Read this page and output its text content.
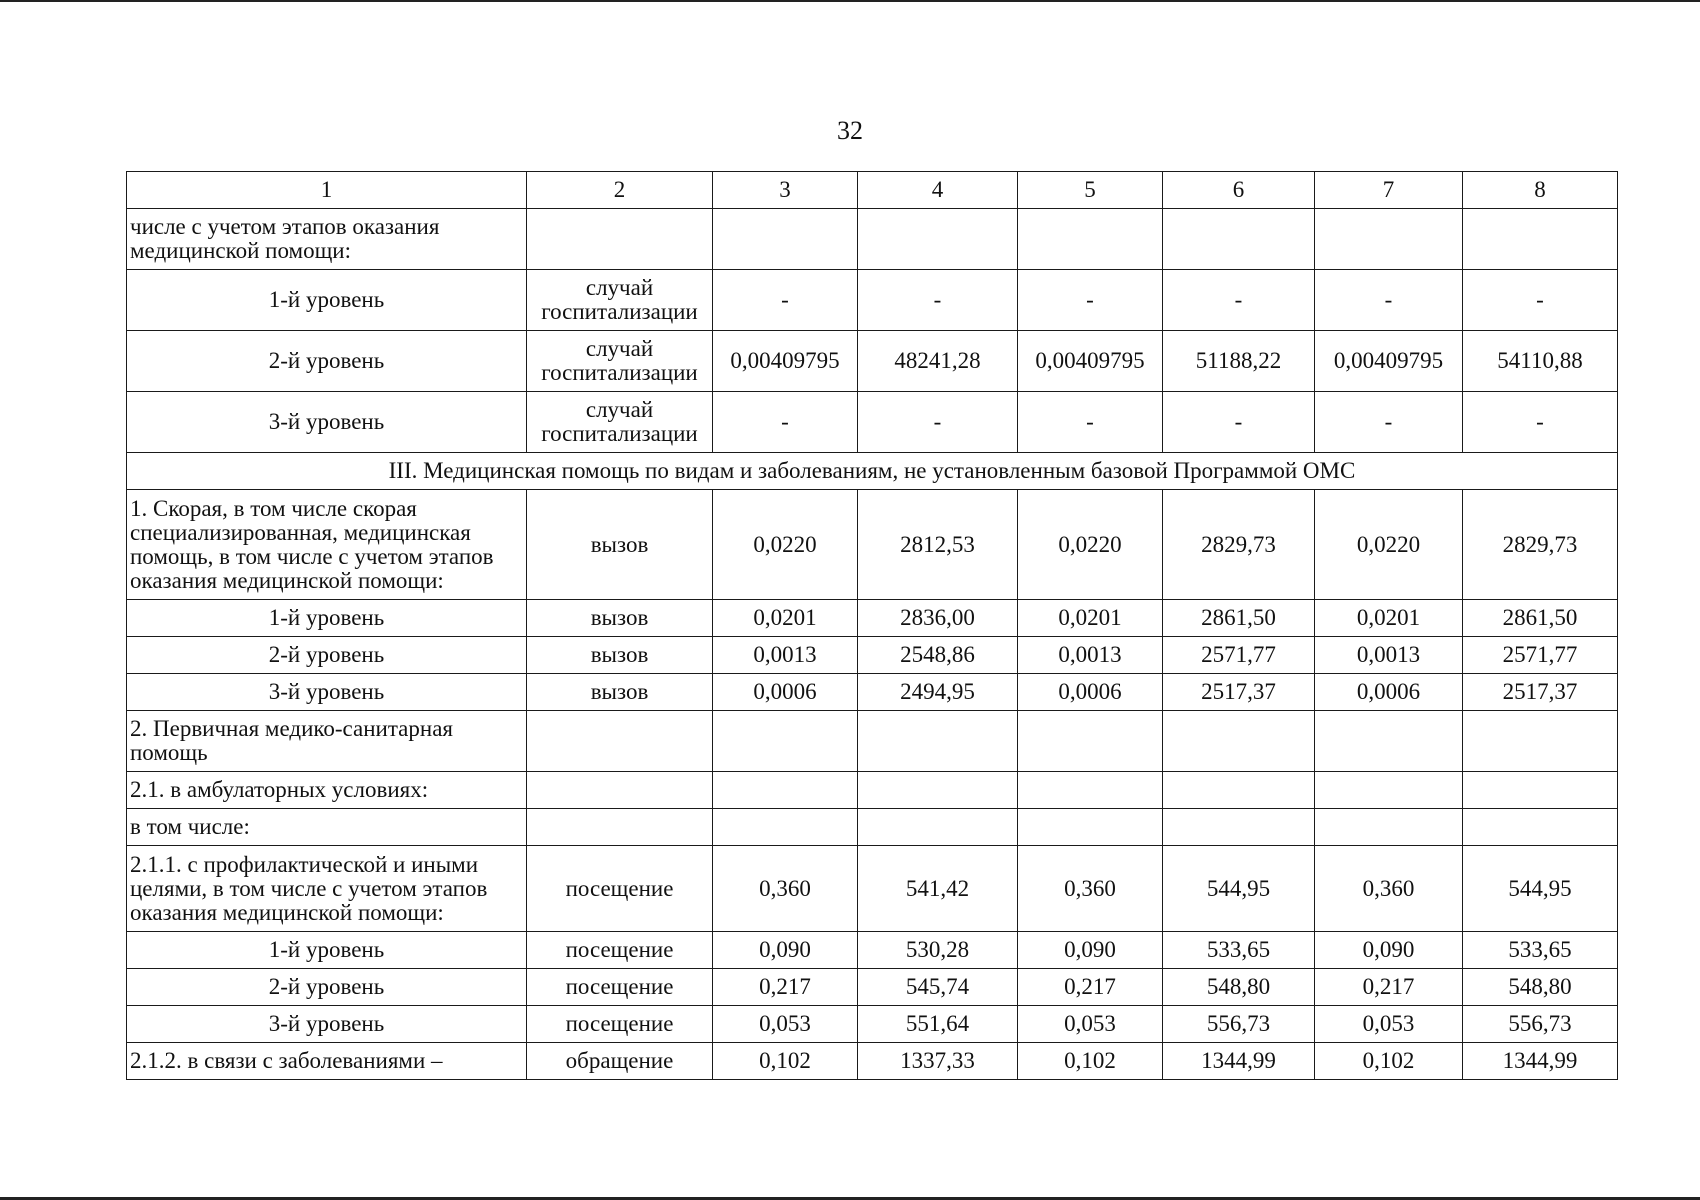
32
1	2	3	4	5	6	7	8
числе с учетом этапов оказания медицинской помощи:							
1-й уровень	случай госпитализации	-	-	-	-	-	-
2-й уровень	случай госпитализации	0,00409795	48241,28	0,00409795	51188,22	0,00409795	54110,88
3-й уровень	случай госпитализации	-	-	-	-	-	-
III. Медицинская помощь по видам и заболеваниям, не установленным базовой Программой ОМС							
1. Скорая, в том числе скорая специализированная, медицинская помощь, в том числе с учетом этапов оказания медицинской помощи:	вызов	0,0220	2812,53	0,0220	2829,73	0,0220	2829,73
1-й уровень	вызов	0,0201	2836,00	0,0201	2861,50	0,0201	2861,50
2-й уровень	вызов	0,0013	2548,86	0,0013	2571,77	0,0013	2571,77
3-й уровень	вызов	0,0006	2494,95	0,0006	2517,37	0,0006	2517,37
2. Первичная медико-санитарная помощь							
2.1. в амбулаторных условиях:							
в том числе:							
2.1.1. с профилактической и иными целями, в том числе с учетом этапов оказания медицинской помощи:	посещение	0,360	541,42	0,360	544,95	0,360	544,95
1-й уровень	посещение	0,090	530,28	0,090	533,65	0,090	533,65
2-й уровень	посещение	0,217	545,74	0,217	548,80	0,217	548,80
3-й уровень	посещение	0,053	551,64	0,053	556,73	0,053	556,73
2.1.2. в связи с заболеваниями –	обращение	0,102	1337,33	0,102	1344,99	0,102	1344,99
